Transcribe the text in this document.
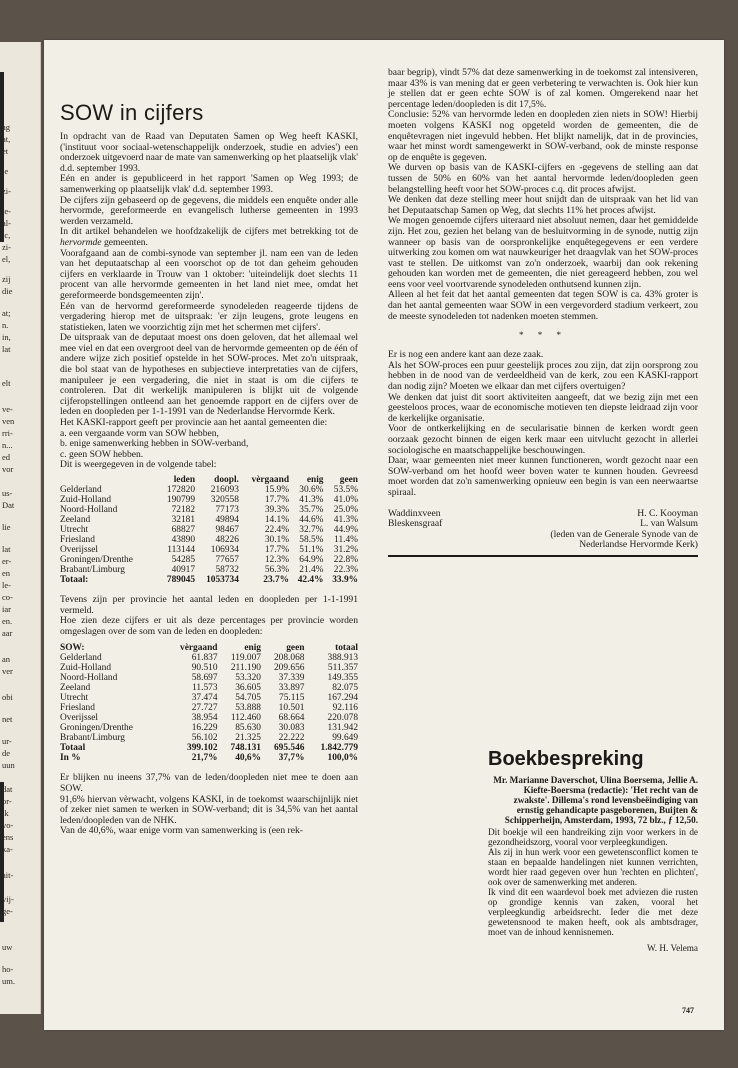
ag
at,
et
je
zi-
te-
al-
ic,
zi-
el,
zij
die
at;
n.
in,
lat
elt
ve-
ven
rri-
n...
ed
vor
us-
Dat
lie
lat
er-
en
le-
co-
iar
en.
aar
an
ver
obi
net
ur-
de
uun
dat
or-
ik
vo-
ens
ka-
ait-
vij-
ge-
uw
ho-
um.
SOW in cijfers

In opdracht van de Raad van Deputaten Samen op Weg heeft KASKI, ('instituut voor sociaal-wetenschappelijk onderzoek, studie en advies') een onderzoek uitgevoerd naar de mate van samenwerking op het plaatselijk vlak' d.d. september 1993.

Eén en ander is gepubliceerd in het rapport 'Samen op Weg 1993; de samenwerking op plaatselijk vlak' d.d. september 1993.

De cijfers zijn gebaseerd op de gegevens, die middels een enquête onder alle hervormde, gereformeerde en evangelisch lutherse gemeenten in 1993 werden verzameld.

In dit artikel behandelen we hoofdzakelijk de cijfers met betrekking tot de hervormde gemeenten.

Voorafgaand aan de combi-synode van september jl. nam een van de leden van het deputaatschap al een voorschot op de tot dan geheim gehouden cijfers en verklaarde in Trouw van 1 oktober: 'uiteindelijk doet slechts 11 procent van alle hervormde gemeenten in het land niet mee, omdat het gereformeerde bondsgemeenten zijn'.

Eén van de hervormd gereformeerde synodeleden reageerde tijdens de vergadering hierop met de uitspraak: 'er zijn leugens, grote leugens en statistieken, laten we voorzichtig zijn met het schermen met cijfers'.

De uitspraak van de deputaat moest ons doen geloven, dat het allemaal wel mee viel en dat een overgroot deel van de hervormde gemeenten op de één of andere wijze zich positief opstelde in het SOW-proces. Met zo'n uitspraak, die bol staat van de hypotheses en subjectieve interpretaties van de cijfers, manipuleer je een vergadering, die niet in staat is om die cijfers te controleren. Dat dit werkelijk manipuleren is blijkt uit de volgende cijferopstellingen ontleend aan het genoemde rapport en de cijfers over de leden en doopleden per 1-1-1991 van de Nederlandse Hervormde Kerk.

Het KASKI-rapport geeft per provincie aan het aantal gemeenten die:

a. een vergaande vorm van SOW hebben,

b. enige samenwerking hebben in SOW-verband,

c. geen SOW hebben.

Dit is weergegeven in de volgende tabel:

	leden	doopl.	vèrgaand	enig	geen
Gelderland	172820	216093	15.9%	30.6%	53.5%
Zuid-Holland	190799	320558	17.7%	41.3%	41.0%
Noord-Holland	72182	77173	39.3%	35.7%	25.0%
Zeeland	32181	49894	14.1%	44.6%	41.3%
Utrecht	68827	98467	22.4%	32.7%	44.9%
Friesland	43890	48226	30.1%	58.5%	11.4%
Overijssel	113144	106934	17.7%	51.1%	31.2%
Groningen/Drenthe	54285	77657	12.3%	64.9%	22.8%
Brabant/Limburg	40917	58732	56.3%	21.4%	22.3%
Totaal:	789045	1053734	23.7%	42.4%	33.9%

Tevens zijn per provincie het aantal leden en doopleden per 1-1-1991 vermeld.

Hoe zien deze cijfers er uit als deze percentages per provincie worden omgeslagen over de som van de leden en doopleden:

SOW:	vèrgaand	enig	geen	totaal
Gelderland	61.837	119.007	208.068	388.913
Zuid-Holland	90.510	211.190	209.656	511.357
Noord-Holland	58.697	53.320	37.339	149.355
Zeeland	11.573	36.605	33.897	82.075
Utrecht	37.474	54.705	75.115	167.294
Friesland	27.727	53.888	10.501	92.116
Overijssel	38.954	112.460	68.664	220.078
Groningen/Drenthe	16.229	85.630	30.083	131.942
Brabant/Limburg	56.102	21.325	22.222	99.649
Totaal	399.102	748.131	695.546	1.842.779
In %	21,7%	40,6%	37,7%	100,0%

Er blijken nu ineens 37,7% van de leden/doopleden niet mee te doen aan SOW.

91,6% hiervan vèrwacht, volgens KASKI, in de toekomst waarschijnlijk niet of zeker niet samen te werken in SOW-verband; dit is 34,5% van het aantal leden/doopleden van de NHK.

Van de 40,6%, waar enige vorm van samenwerking is (een rek-

baar begrip), vindt 57% dat deze samenwerking in de toekomst zal intensiveren, maar 43% is van mening dat er geen verbetering te verwachten is. Ook hier kun je stellen dat er geen echte SOW is of zal komen. Omgerekend naar het percentage leden/doopleden is dit 17,5%.

Conclusie: 52% van hervormde leden en doopleden zien niets in SOW! Hierbij moeten volgens KASKI nog opgeteld worden de gemeenten, die de enquêtevragen niet ingevuld hebben. Het blijkt namelijk, dat in de provincies, waar het minst wordt samengewerkt in SOW-verband, ook de minste response op de enquête is gegeven.

We durven op basis van de KASKI-cijfers en -gegevens de stelling aan dat tussen de 50% en 60% van het aantal hervormde leden/doopleden geen belangstelling heeft voor het SOW-proces c.q. dit proces afwijst.

We denken dat deze stelling meer hout snijdt dan de uitspraak van het lid van het Deputaatschap Samen op Weg, dat slechts 11% het proces afwijst.

We mogen genoemde cijfers uiteraard niet absoluut nemen, daar het gemiddelde zijn. Het zou, gezien het belang van de besluitvorming in de synode, nuttig zijn wanneer op basis van de oorspronkelijke enquêtegegevens er een verdere uitwerking zou komen om wat nauwkeuriger het draagvlak van het SOW-proces vast te stellen. De uitkomst van zo'n onderzoek, waarbij dan ook rekening gehouden kan worden met de gemeenten, die niet gereageerd hebben, zou wel eens voor veel voortvarende synodeleden onthutsend kunnen zijn.

Alleen al het feit dat het aantal gemeenten dat tegen SOW is ca. 43% groter is dan het aantal gemeenten waar SOW in een vergevorderd stadium verkeert, zou de meeste synodeleden tot nadenken moeten stemmen.

* * *

Er is nog een andere kant aan deze zaak.

Als het SOW-proces een puur geestelijk proces zou zijn, dat zijn oorsprong zou hebben in de nood van de verdeeldheid van de kerk, zou een KASKI-rapport dan nodig zijn? Moeten we elkaar dan met cijfers overtuigen?

We denken dat juist dit soort aktiviteiten aangeeft, dat we bezig zijn met een geesteloos proces, waar de economische motieven ten diepste leidraad zijn voor de kerkelijke organisatie.

Voor de ontkerkelijking en de secularisatie binnen de kerken wordt geen oorzaak gezocht binnen de eigen kerk maar een uitvlucht gezocht in allerlei sociologische en maatschappelijke beschouwingen.

Daar, waar gemeenten niet meer kunnen functioneren, wordt gezocht naar een SOW-verband om het hoofd weer boven water te kunnen houden. Gevreesd moet worden dat zo'n samenwerking opnieuw een begin is van een neerwaartse spiraal.

Waddinxveen	H. C. Kooyman
Bleskensgraaf	L. van Walsum
(leden van de Generale Synode van de
Nederlandse Hervormde Kerk)
Boekbespreking

Mr. Marianne Daverschot, Ulina Boersema, Jellie A. Kiefte-Boersma (redactie): 'Het recht van de zwakste'. Dillema's rond levensbeëindiging van ernstig gehandicapte pasgeborenen, Buijten & Schipperheijn, Amsterdam, 1993, 72 blz., ƒ 12,50.

Dit boekje wil een handreiking zijn voor werkers in de gezondheidszorg, vooral voor verpleegkundigen.

Als zij in hun werk voor een gewetensconflict komen te staan en bepaalde handelingen niet kunnen verrichten, wordt hier raad gegeven over hun 'rechten en plichten', ook over de samenwerking met anderen.

Ik vind dit een waardevol boek met adviezen die rusten op grondige kennis van zaken, vooral het verpleegkundig arbeidsrecht. Ieder die met deze gewetensnood te maken heeft, ook als ambtsdrager, moet van de inhoud kennisnemen.

W. H. Velema
747
